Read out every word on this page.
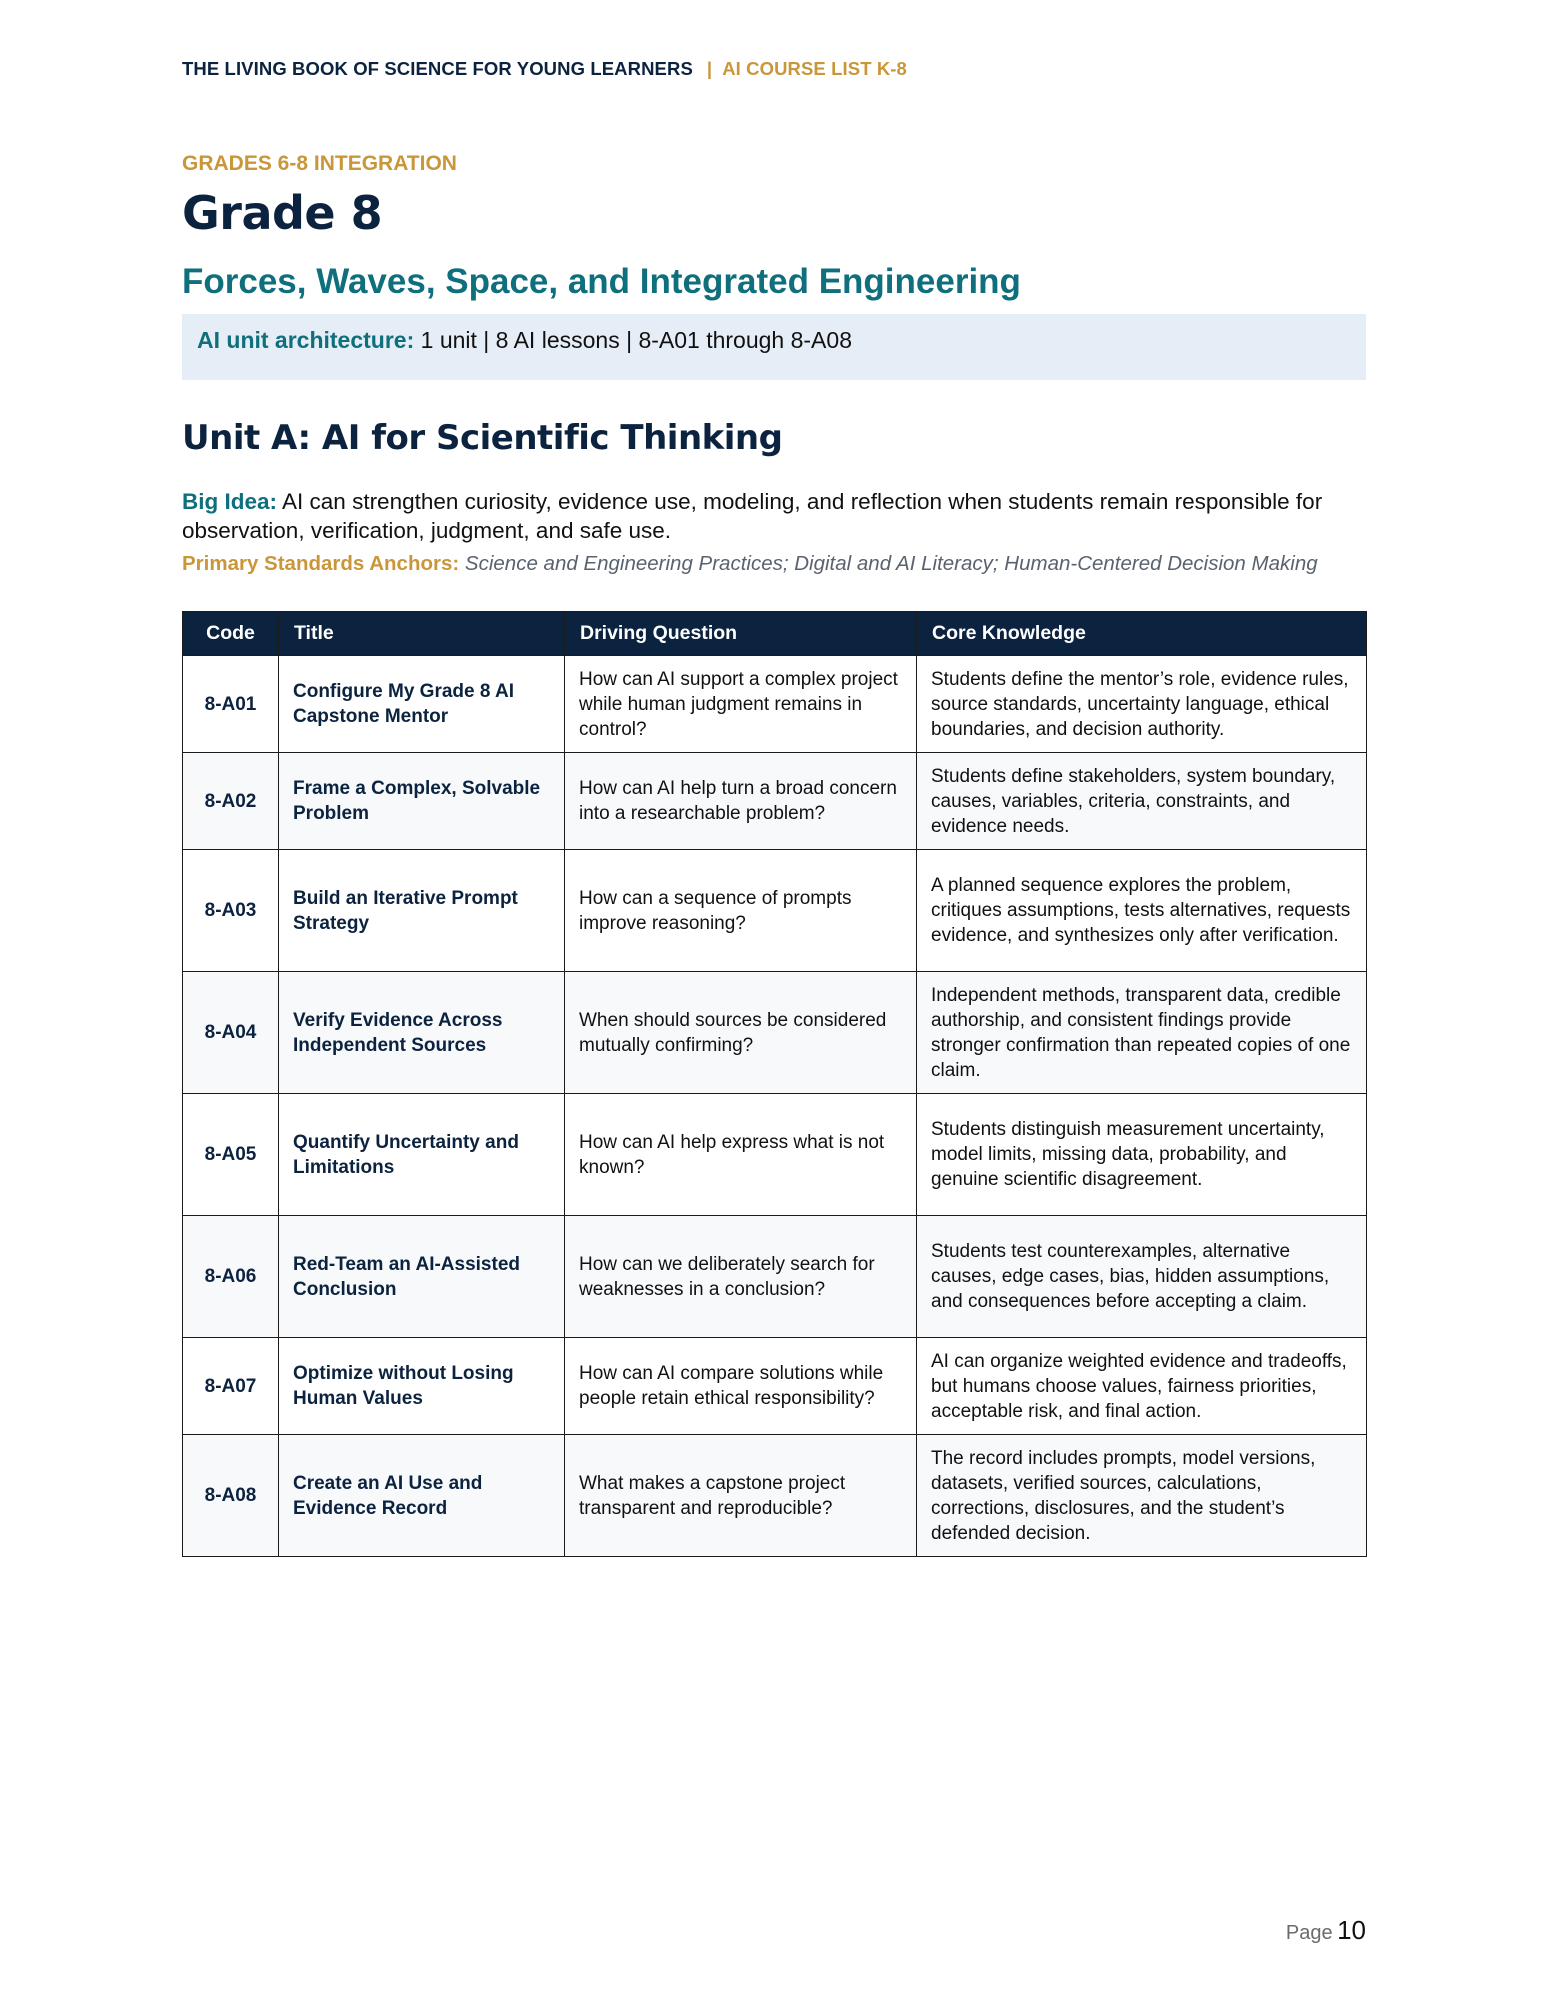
THE LIVING BOOK OF SCIENCE FOR YOUNG LEARNERS | AI COURSE LIST K-8
GRADES 6-8 INTEGRATION
Grade 8
Forces, Waves, Space, and Integrated Engineering
AI unit architecture: 1 unit | 8 AI lessons | 8-A01 through 8-A08
Unit A: AI for Scientific Thinking
Big Idea: AI can strengthen curiosity, evidence use, modeling, and reflection when students remain responsible for observation, verification, judgment, and safe use.
Primary Standards Anchors: Science and Engineering Practices; Digital and AI Literacy; Human-Centered Decision Making
Code	Title	Driving Question	Core Knowledge
8-A01	Configure My Grade 8 AI Capstone Mentor	How can AI support a complex project while human judgment remains in control?	Students define the mentor’s role, evidence rules, source standards, uncertainty language, ethical boundaries, and decision authority.
8-A02	Frame a Complex, Solvable Problem	How can AI help turn a broad concern into a researchable problem?	Students define stakeholders, system boundary, causes, variables, criteria, constraints, and evidence needs.
8-A03	Build an Iterative Prompt Strategy	How can a sequence of prompts improve reasoning?	A planned sequence explores the problem, critiques assumptions, tests alternatives, requests evidence, and synthesizes only after verification.
8-A04	Verify Evidence Across Independent Sources	When should sources be considered mutually confirming?	Independent methods, transparent data, credible authorship, and consistent findings provide stronger confirmation than repeated copies of one claim.
8-A05	Quantify Uncertainty and Limitations	How can AI help express what is not known?	Students distinguish measurement uncertainty, model limits, missing data, probability, and genuine scientific disagreement.
8-A06	Red-Team an AI-Assisted Conclusion	How can we deliberately search for weaknesses in a conclusion?	Students test counterexamples, alternative causes, edge cases, bias, hidden assumptions, and consequences before accepting a claim.
8-A07	Optimize without Losing Human Values	How can AI compare solutions while people retain ethical responsibility?	AI can organize weighted evidence and tradeoffs, but humans choose values, fairness priorities, acceptable risk, and final action.
8-A08	Create an AI Use and Evidence Record	What makes a capstone project transparent and reproducible?	The record includes prompts, model versions, datasets, verified sources, calculations, corrections, disclosures, and the student’s defended decision.
Page 10
